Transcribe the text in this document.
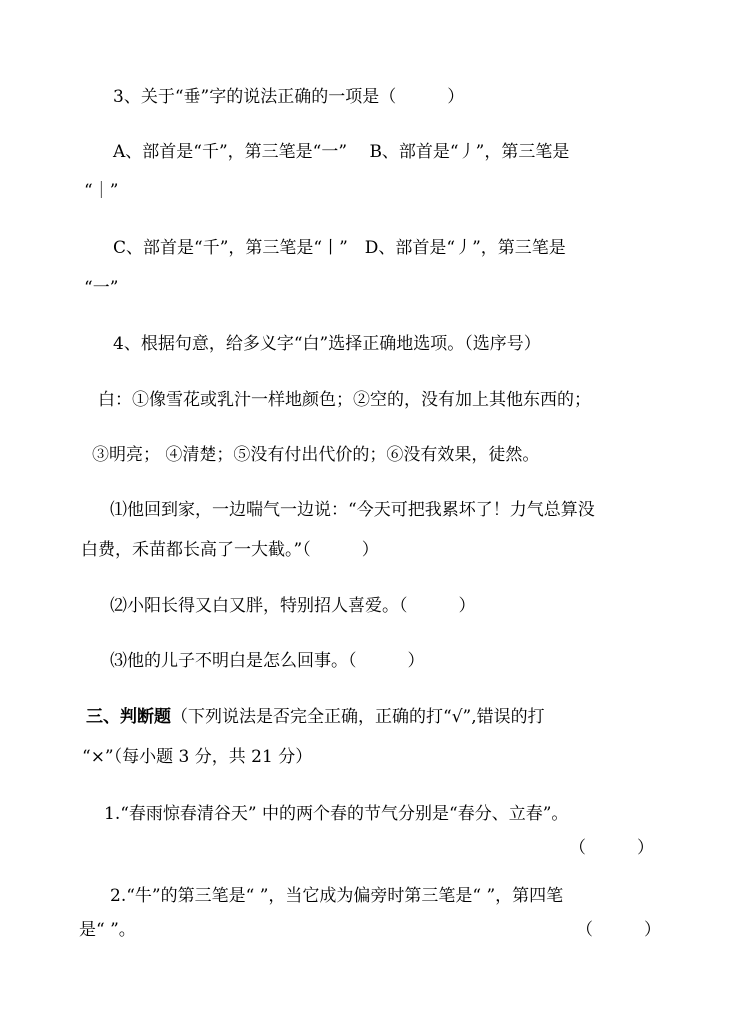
3、关于“垂”字的说法正确的一项是（　　　）

A、部首是“千”，第三笔是“一”　 B、部首是“丿”，第三笔是

“｜”

C、部首是“千”，第三笔是“丨”　D、部首是“丿”，第三笔是

“一”

4、根据句意，给多义字“白”选择正确地选项。（选序号）

白：①像雪花或乳汁一样地颜色；②空的，没有加上其他东西的；

③明亮； ④清楚；⑤没有付出代价的；⑥没有效果，徒然。

⑴他回到家，一边喘气一边说：“今天可把我累坏了！力气总算没

白费，禾苗都长高了一大截。”（　　　）

⑵小阳长得又白又胖，特别招人喜爱。（　　　）

⑶他的儿子不明白是怎么回事。（　　　）

三、判断题（下列说法是否完全正确，正确的打“√”,错误的打

“×”（每小题 3 分，共 21 分）

1.“春雨惊春清谷天” 中的两个春的节气分别是“春分、立春”。

（　　　）

2.“牛”的第三笔是“ ”，当它成为偏旁时第三笔是“ ”，第四笔

是“ ”。	（　　　）
